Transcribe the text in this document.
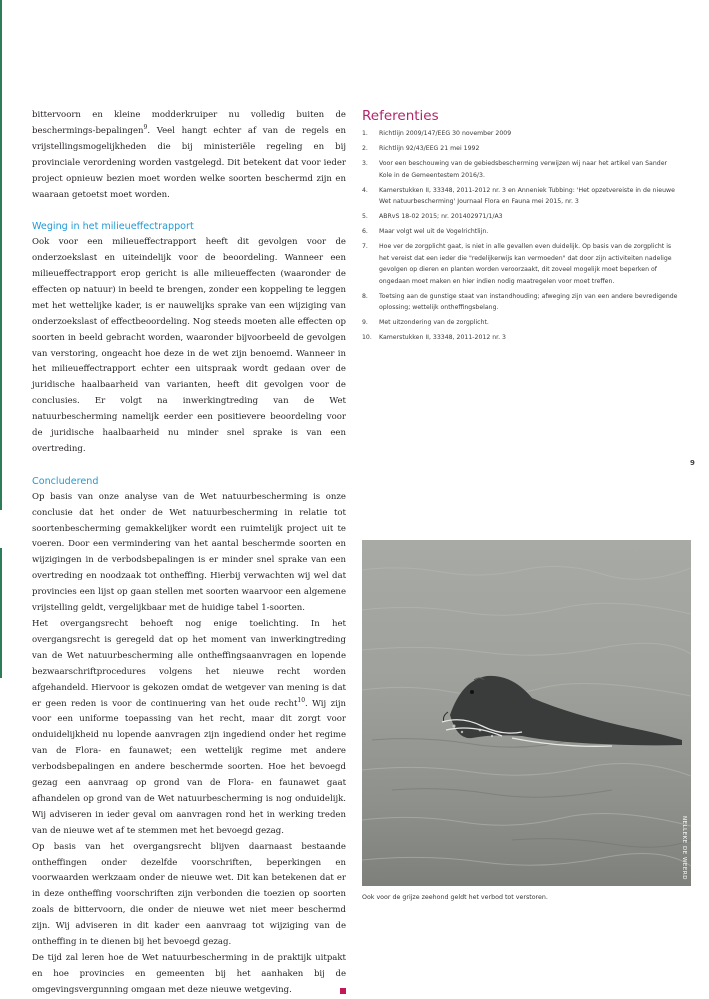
bittervoorn en kleine modderkruiper nu volledig buiten de beschermings-bepalingen$^9$. Veel hangt echter af van de regels en vrijstellingsmogelijkheden die bij ministeriële regeling en bij provinciale verordening worden vastgelegd. Dit betekent dat voor ieder project opnieuw bezien moet worden welke soorten beschermd zijn en waaraan getoetst moet worden.

Weging in het milieueffectrapport

Ook voor een milieueffectrapport heeft dit gevolgen voor de onderzoekslast en uiteindelijk voor de beoordeling. Wanneer een milieueffectrapport erop gericht is alle milieueffecten (waaronder de effecten op natuur) in beeld te brengen, zonder een koppeling te leggen met het wettelijke kader, is er nauwelijks sprake van een wijziging van onderzoekslast of effectbeoordeling. Nog steeds moeten alle effecten op soorten in beeld gebracht worden, waaronder bijvoorbeeld de gevolgen van verstoring, ongeacht hoe deze in de wet zijn benoemd. Wanneer in het milieueffectrapport echter een uitspraak wordt gedaan over de juridische haalbaarheid van varianten, heeft dit gevolgen voor de conclusies. Er volgt na inwerkingtreding van de Wet natuurbescherming namelijk eerder een positievere beoordeling voor de juridische haalbaarheid nu minder snel sprake is van een overtreding.

Concluderend

Op basis van onze analyse van de Wet natuurbescherming is onze conclusie dat het onder de Wet natuurbescherming in relatie tot soortenbescherming gemakkelijker wordt een ruimtelijk project uit te voeren. Door een vermindering van het aantal beschermde soorten en wijzigingen in de verbodsbepalingen is er minder snel sprake van een overtreding en noodzaak tot ontheffing. Hierbij verwachten wij wel dat provincies een lijst op gaan stellen met soorten waarvoor een algemene vrijstelling geldt, vergelijkbaar met de huidige tabel 1-soorten.

Het overgangsrecht behoeft nog enige toelichting. In het overgangsrecht is geregeld dat op het moment van inwerkingtreding van de Wet natuurbescherming alle ontheffingsaanvragen en lopende bezwaarschriftprocedures volgens het nieuwe recht worden afgehandeld. Hiervoor is gekozen omdat de wetgever van mening is dat er geen reden is voor de continuering van het oude recht$^{10}$. Wij zijn voor een uniforme toepassing van het recht, maar dit zorgt voor onduidelijkheid nu lopende aanvragen zijn ingediend onder het regime van de Flora- en faunawet; een wettelijk regime met andere verbodsbepalingen en andere beschermde soorten. Hoe het bevoegd gezag een aanvraag op grond van de Flora- en faunawet gaat afhandelen op grond van de Wet natuurbescherming is nog onduidelijk. Wij adviseren in ieder geval om aanvragen rond het in werking treden van de nieuwe wet af te stemmen met het bevoegd gezag.

Op basis van het overgangsrecht blijven daarnaast bestaande ontheffingen onder dezelfde voorschriften, beperkingen en voorwaarden werkzaam onder de nieuwe wet. Dit kan betekenen dat er in deze ontheffing voorschriften zijn verbonden die toezien op soorten zoals de bittervoorn, die onder de nieuwe wet niet meer beschermd zijn. Wij adviseren in dit kader een aanvraag tot wijziging van de ontheffing in te dienen bij het bevoegd gezag.

De tijd zal leren hoe de Wet natuurbescherming in de praktijk uitpakt en hoe provincies en gemeenten bij het aanhaken bij de omgevingsvergunning omgaan met deze nieuwe wetgeving.

Referenties
1. Richtlijn 2009/147/EEG 30 november 2009
2. Richtlijn 92/43/EEG 21 mei 1992
3. Voor een beschouwing van de gebiedsbescherming verwijzen wij naar het artikel van Sander Kole in de Gemeentestem 2016/3.
4. Kamerstukken II, 33348, 2011-2012 nr. 3 en Anneniek Tubbing: 'Het opzetvereiste in de nieuwe Wet natuurbescherming' Journaal Flora en Fauna mei 2015, nr. 3
5. ABRvS 18-02 2015; nr. 201402971/1/A3
6. Maar volgt wel uit de Vogelrichtlijn.
7. Hoe ver de zorgplicht gaat, is niet in alle gevallen even duidelijk. Op basis van de zorgplicht is het vereist dat een ieder die "redelijkerwijs kan vermoeden" dat door zijn activiteiten nadelige gevolgen op dieren en planten worden veroorzaakt, dit zoveel mogelijk moet beperken of ongedaan moet maken en hier indien nodig maatregelen voor moet treffen.
8. Toetsing aan de gunstige staat van instandhouding; afweging zijn van een andere bevredigende oplossing; wettelijk ontheffingsbelang.
9. Met uitzondering van de zorgplicht.
10. Kamerstukken II, 33348, 2011-2012 nr. 3
9
NELLEKE DE WEERD
Ook voor de grijze zeehond geldt het verbod tot verstoren.
